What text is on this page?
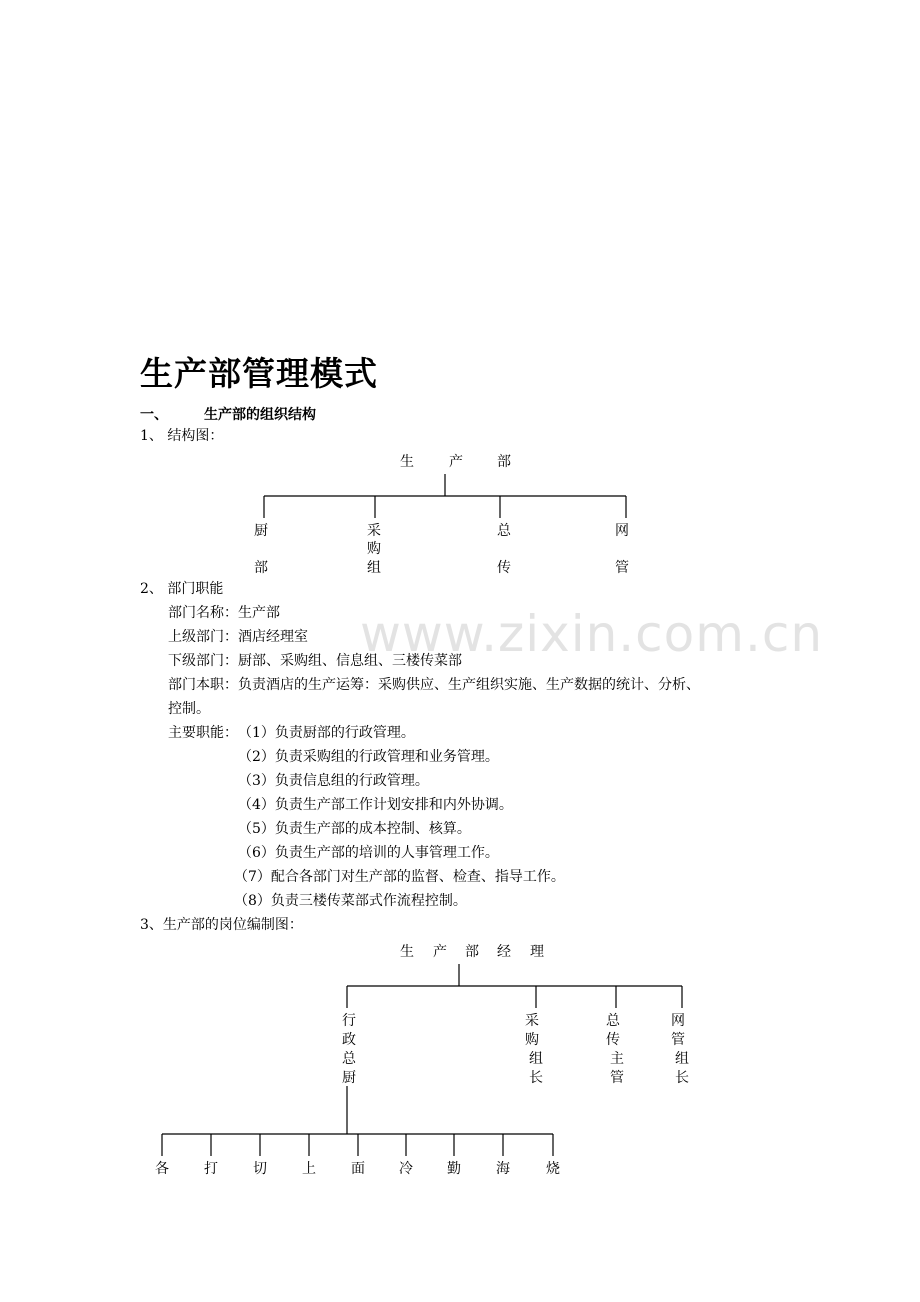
www.zixin.com.cn
生产部管理模式
一、	生产部的组织结构
1、 结构图：
生	产 部
厨
部
采
购
组
总
传
网
管
2、 部门职能
部门名称：生产部
上级部门：酒店经理室
下级部门：厨部、采购组、信息组、三楼传菜部
部门本职：负责酒店的生产运筹：采购供应、生产组织实施、生产数据的统计、分析、
控制。
主要职能： （1）负责厨部的行政管理。
（2）负责采购组的行政管理和业务管理。
（3）负责信息组的行政管理。
（4）负责生产部工作计划安排和内外协调。
（5）负责生产部的成本控制、核算。
（6）负责生产部的培训的人事管理工作。
（7）配合各部门对生产部的监督、检查、指导工作。
（8）负责三楼传菜部式作流程控制。
3、生产部的岗位编制图：
生 产 部 经 理
行
政
总
厨
采
购
组
长
总
传
主
管
网
管
组
长
各	打	切	上	面 冷 勤	海	烧
